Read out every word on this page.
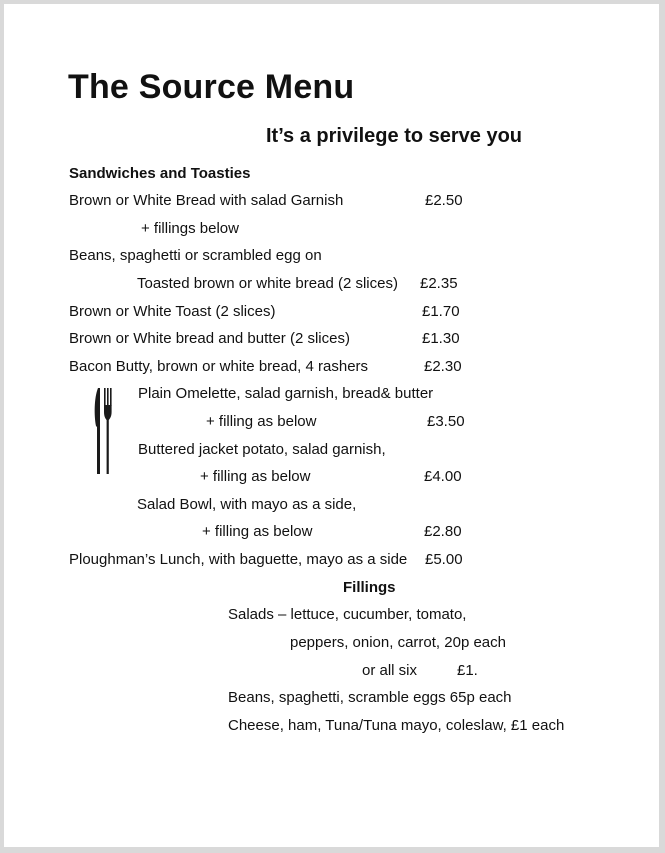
The Source Menu
It’s a privilege to serve you
Sandwiches and Toasties
Brown or White Bread with salad Garnish	£2.50
+ fillings below
Beans, spaghetti or scrambled egg on
Toasted brown or white bread (2 slices) £2.35
Brown or White Toast (2 slices)	£1.70
Brown or White bread and butter (2 slices)	£1.30
Bacon Butty, brown or white bread, 4 rashers	£2.30
Plain Omelette, salad garnish, bread& butter
+ filling as below	£3.50
Buttered jacket potato, salad garnish,
+ filling as below	£4.00
Salad Bowl, with mayo as a side,
+ filling as below	£2.80
Ploughman’s Lunch, with baguette, mayo as a side £5.00
Fillings
Salads – lettuce, cucumber, tomato,
peppers, onion, carrot, 20p each
or all six	£1.
Beans, spaghetti, scramble eggs 65p each
Cheese, ham, Tuna/Tuna mayo, coleslaw, £1 each
